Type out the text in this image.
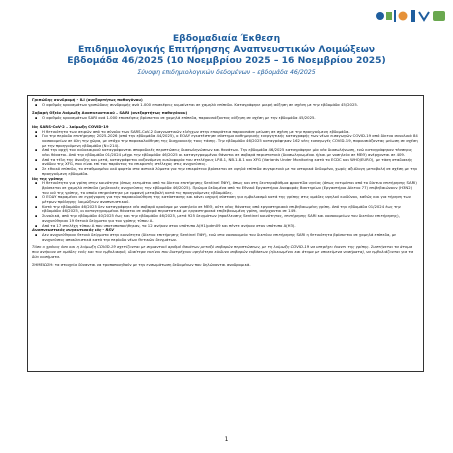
Εβδομαδιαία Έκθεση
Επιδημιολογικής Επιτήρησης Αναπνευστικών Λοιμώξεων
Εβδομάδα 46/2025 (10 Νοεμβρίου 2025 – 16 Νοεμβρίου 2025)
Σύνοψη επιδημιολογικών δεδομένων – εβδομάδα 46/2025
Γριπώδης συνδρομή - ILI (ανεξαρτήτως παθογόνου)
▪ Ο αριθμός κρουσμάτων γριπώδους συνδρομής ανά 1.000 επισκέψεις κυμαίνεται σε χαμηλά επίπεδα. Καταγράφηκε μικρή αύξηση σε σχέση με την εβδομάδα 45/2025.
Σοβαρή Οξεία Λοίμωξη Αναπνευστικού – SARI (ανεξαρτήτως παθογόνου)
▪ Ο αριθμός κρουσμάτων SARI ανά 1.000 επισκέψεις βρίσκεται σε χαμηλά επίπεδα, παρουσιάζοντας αύξηση σε σχέση με την εβδομάδα 45/2025.
Ιός SARS-CoV-2 – λοίμωξη COVID-19
▪ Η θετικότητα των σειρών από το σύνολο των SARS-CoV-2 διαγνωστικών ελέγχων στην επικράτεια παρουσιάσε μείωση σε σχέση με την προηγούμενη εβδομάδα.
▪ Για την περίοδο επιτήρησης 2025-2026 (από την εβδομάδα 44/2025), ο ΕΟΔΥ εγκατέστησε σύστημα καθημερινής ενεργητικής καταγραφής των νέων εισαγωγών COVID-19 από δίκτυο συνολικά 84 νοσοκομείων σε όλη την χώρα, με στόχο την παρακολούθηση της διαχρονικής τους τάσης. Την εβδομάδα 46/2025 καταγράφηκαν 162 νέες εισαγωγές COVID-19, παρουσιάζοντας μείωση σε σχέση με την προηγούμενη εβδομάδα (N=214).
▪ Από την αρχή του καλοκαιριού καταγράφονται σποραδικές περιπτώσεις διασωληνώσεων και θανάτων. Την εβδομάδα 46/2025 καταγράφηκε μία νέα διασωλήνωση, ενώ καταγράφηκαν τέσσερις νέοι θάνατοι. Από την εβδομάδα 01/2024 μέχρι την εβδομάδα 46/2025 οι καταγεγραμμένοι θάνατοι σε σοβαρά περιστατικά (διασωληνωμένοι ή/και με νοσηλεία σε ΜΕΘ) ανέρχονται σε 409.
▪ Από τα τέλη της άνοιξης και μετά, καταγράφεται αυξανόμενη κυκλοφορία του στελέχους LP.8.1, NB.1.8.1 και XFG (Variants Under Monitoring κατά το ECDC και WHO/EURO), με τάση σταδιακής ανόδου της XFG, που είναι επί του παρόντος το επικρατές στέλεχος στις ανιχνεύσεις.
▪ Σε εθνικό επίπεδο, το σταθμισμένο ιικό φορτίο στα αστικά λύματα για την επικράτεια βρίσκεται σε υψηλά επίπεδα συγκριτικά με τα ιστορικά δεδομένα, χωρίς αξιόλογη μεταβολή σε σχέση με την προηγούμενη εβδομάδα.
Ιός της γρίπης
▪ Η θετικότητα για γρίπη στην κοινότητα (όπως εκτιμάται από το δίκτυο επιτήρησης Sentinel ΠΦΥ), όπως και στη δευτεροβάθμια φροντίδα υγείας (όπως εκτιμάται από το δίκτυο επιτήρησης SARI) βρίσκεται σε χαμηλά επίπεδα (μηδενικές ανιχνεύσεις την εβδομάδα 46/2025). Πρώιμα δεδομένα από το Εθνικό Εργαστήριο Αναφοράς Βακτηρίων (Εργαστήριο Δίκτυο 77) επιβεβαιώνουν (Η3Ν2) του ιού της γρίπης, το οποίο επηρεάστηκε με εμφανή μεταβολή κατά τις προηγούμενες εβδομάδες.
▪ Ο ΕΟΔΥ παραμένει σε εγρήγορση για την παρακολούθηση της κατάστασης και κάνει ισχυρή σύσταση για εμβολιασμό κατά της γρίπης στις ομάδες υψηλού κινδύνου, καθώς και για τήρηση των μέτρων πρόληψης λοιμώξεων αναπνευστικού.
▪ Κατά την εβδομάδα 46/2025 δεν καταγράφηκε νέο σοβαρό κρούσμα με νοσηλεία σε ΜΕΘ, ούτε νέος θάνατος από εργαστηριακά επιβεβαιωμένη γρίπη. Από την εβδομάδα 01/2024 έως την εβδομάδα 46/2025, οι καταγεγραμμένοι θάνατοι σε σοβαρά περιστατικά με εργαστηριακά επιβεβαιωμένη γρίπη, ανέρχονται σε 149.
▪ Συνολικά, από την εβδομάδα 40/2025 έως και την εβδομάδα 46/2025, μετά 925 δειγμάτων (προέλευσης Sentinel κοινότητας, επιτήρησης SARI και νοσοκομείων του δικτύου επιτήρησης), ανιχνεύθηκαν 19 θετικά δείγματα για τον γρίπης τύπου Α.
▪ Από τα 17 στελέχη τύπου Α που υποτυποποιήθηκαν, τα 12 ανήκαν στον υπότυπο A(H1)pdm09 και πέντε ανήκαν στον υπότυπο A(H3).
Αναπνευστικός συγκυτιακός ιός - RSV
▪ Δεν ανιχνεύθηκαν θετικά δείγματα στην κοινότητα (δίκτυο επιτήρησης Sentinel ΠΦΥ), ενώ στα νοσοκομεία του δικτύου επιτήρησης SARI η θετικότητα βρίσκεται σε χαμηλά επίπεδα, με ανιχνεύσεις αποκλειστικά κατά την περίοδο νέων Θετικών δειγμάτων.
Τόσο ο χρόνος όσο και η λοίμωξη COVID-19 σχετίζονται με σημαντικό αριθμό θανάτων μεταξύ σοβαρών περιπτώσεων, με τη λοίμωξη COVID-19 να υπερέχει έναντι της γρίπης. Συστήνεται τα άτομα που ανήκουν σε ομάδες ενός και του εμβολιασμό, ιδιαίτερα εκείνοι που διατρέχουν υψηλότερο κίνδυνο σοβαρών εκβάσεων (ηλικιωμένοι και άτομα με υποκείμενα νοσήματα), να εμβολιάζονται για τα δύο νοσήματα.
ΣΗΜΕΙΩΣΗ: τα στοιχεία δύνανται να τροποποιηθούν με την ενσωμάτωση δεδομένων που δηλώνονται αναδρομικά.
1
